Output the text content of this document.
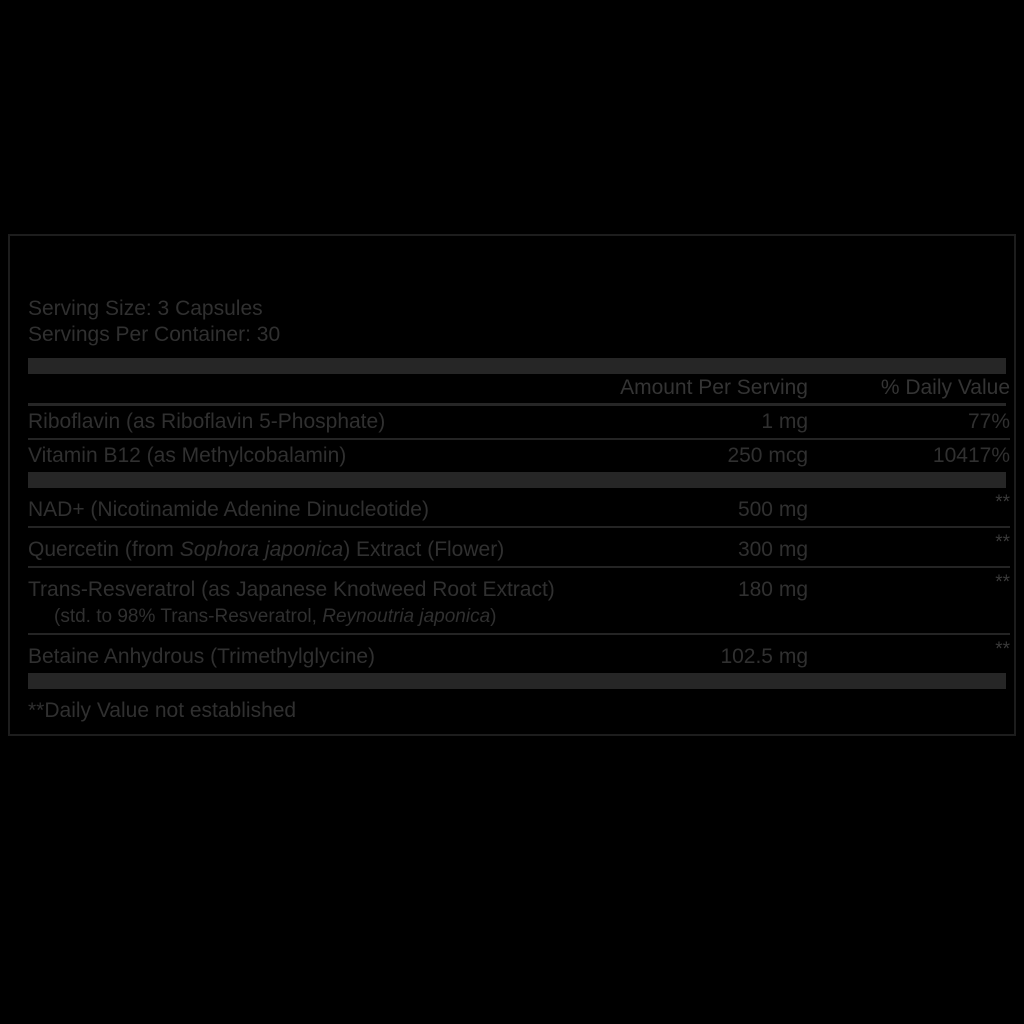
Serving Size: 3 Capsules
Servings Per Container: 30
	Amount Per Serving	% Daily Value
Riboflavin (as Riboflavin 5-Phosphate)	1 mg	77%
Vitamin B12 (as Methylcobalamin)	250 mcg	10417%
NAD+ (Nicotinamide Adenine Dinucleotide)	500 mg	**
Quercetin (from Sophora japonica) Extract (Flower)	300 mg	**
Trans-Resveratrol (as Japanese Knotweed Root Extract)	180 mg	**
(std. to 98% Trans-Resveratrol, Reynoutria japonica)		
Betaine Anhydrous (Trimethylglycine)	102.5 mg	**
**Daily Value not established
